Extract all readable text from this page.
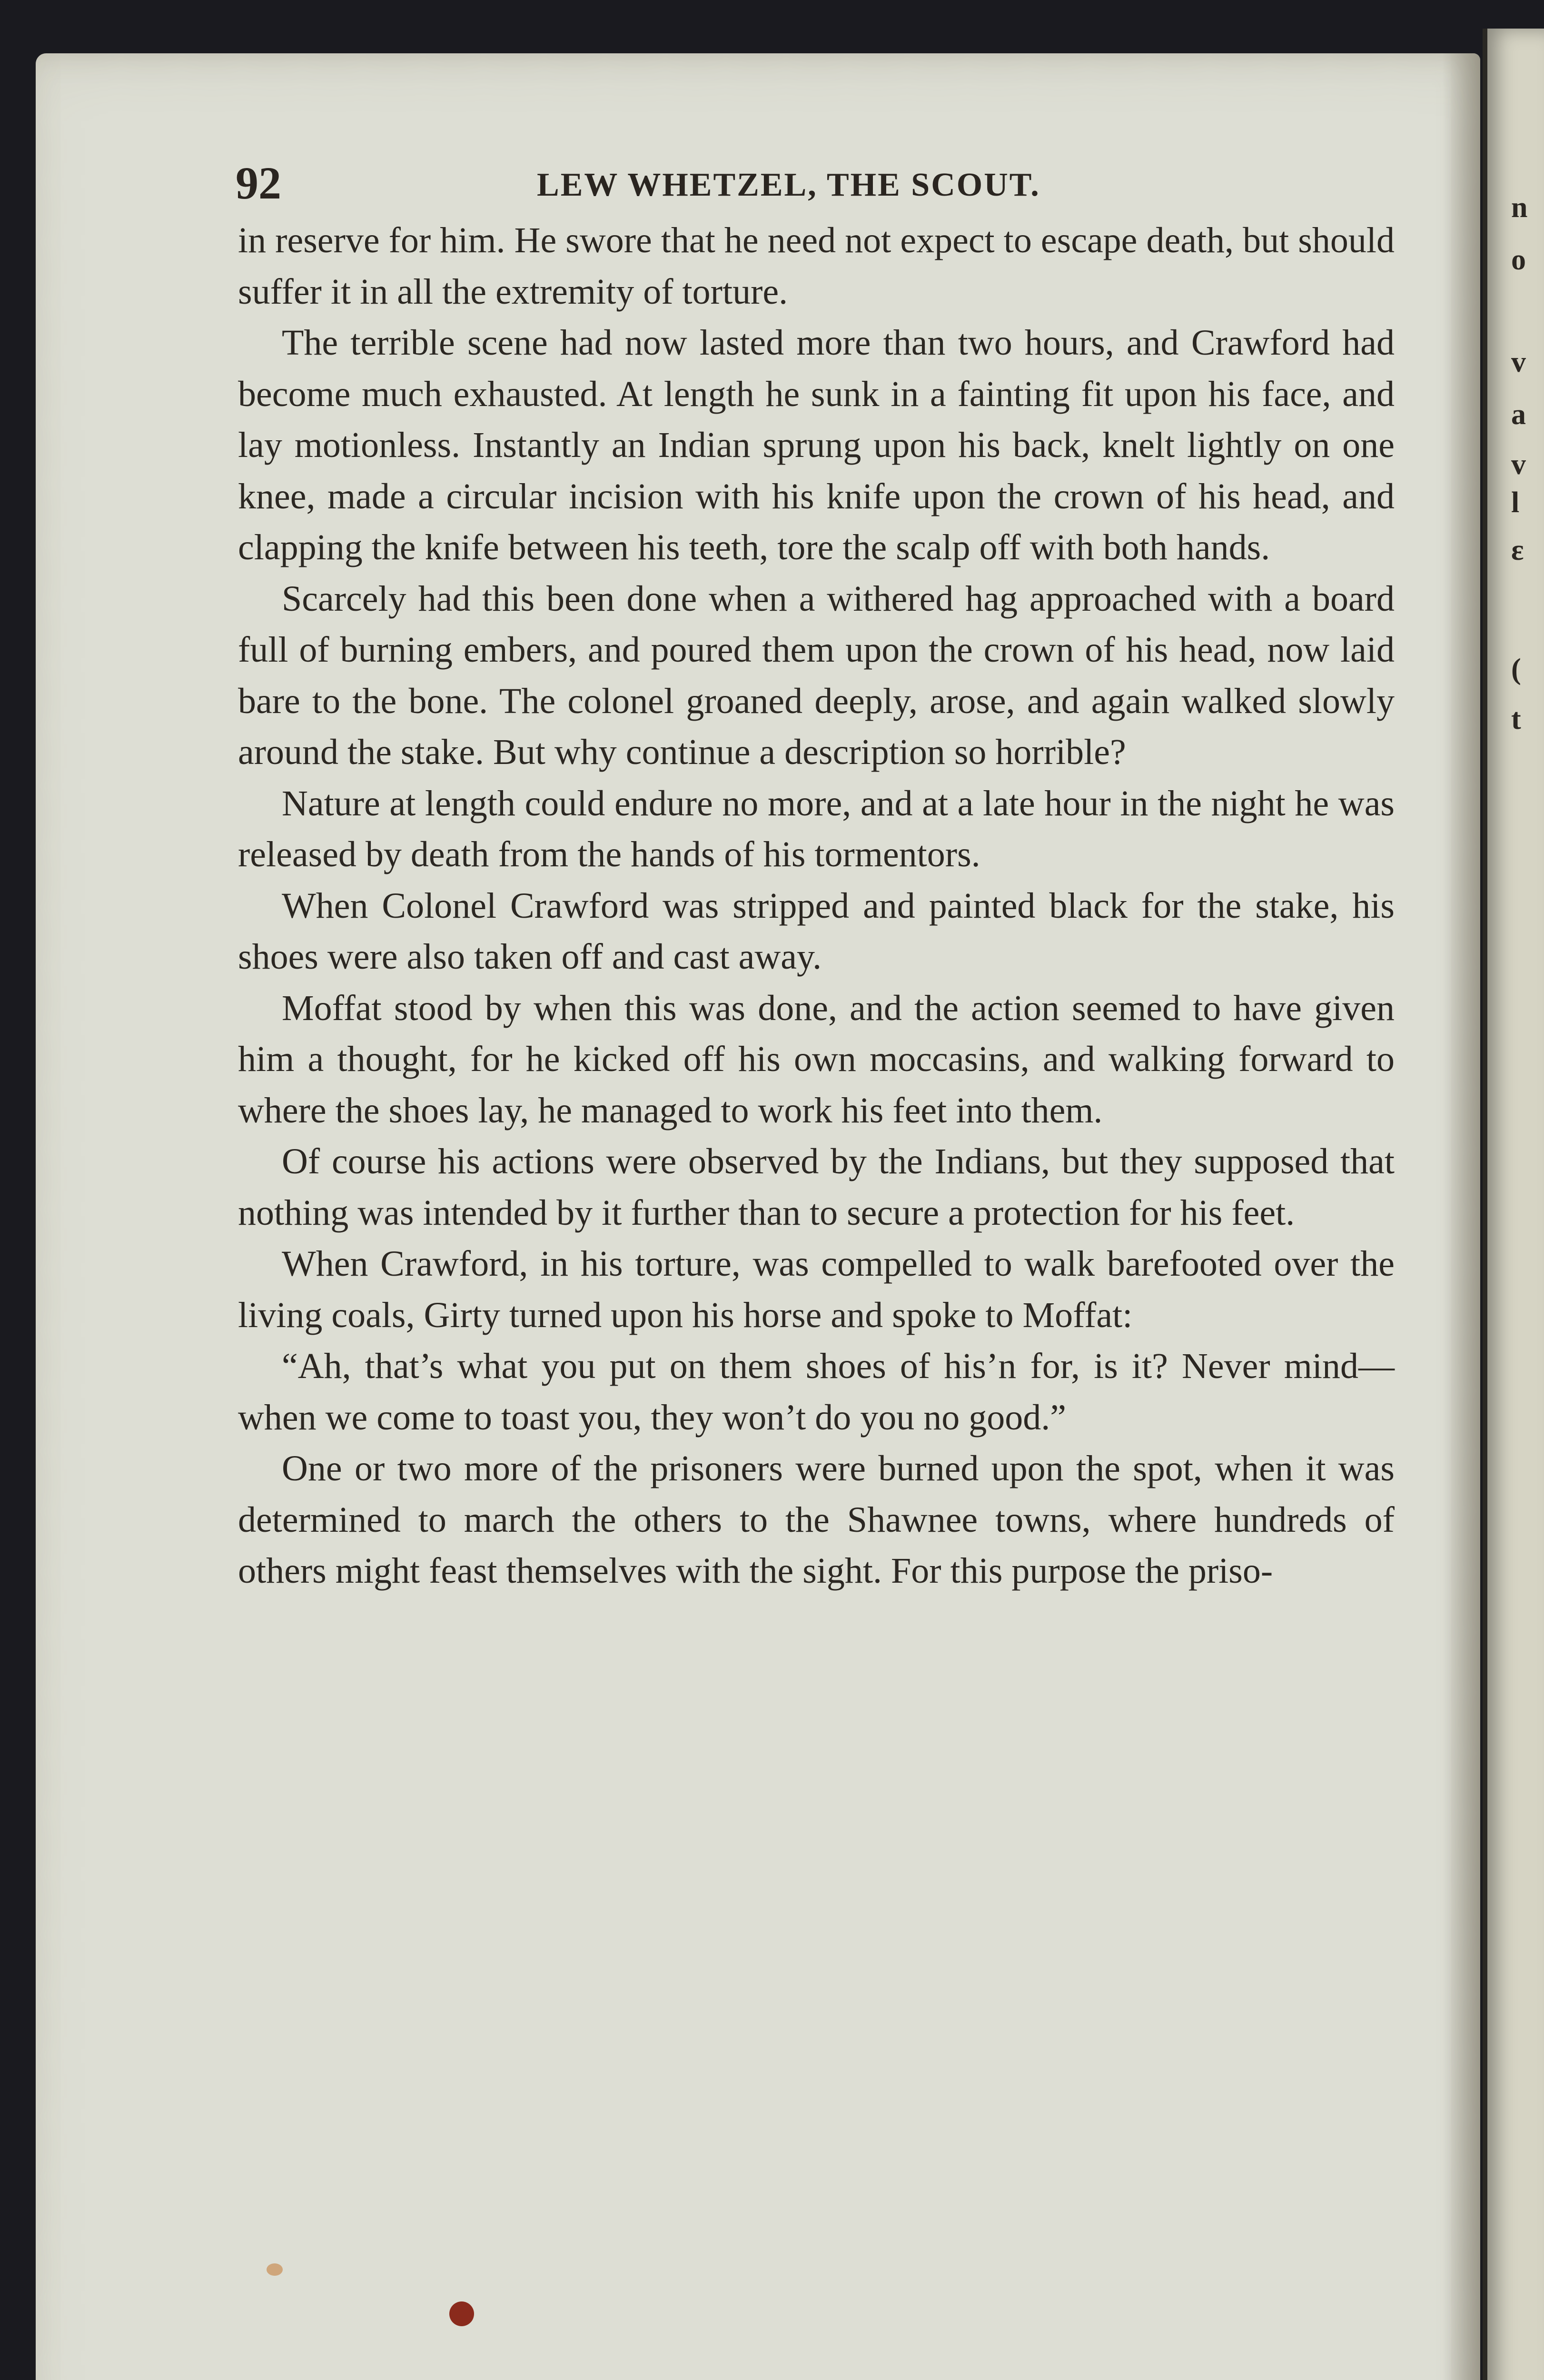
n
o
v
a
v
l
ε
(
t
92	LEW WHETZEL, THE SCOUT.

in reserve for him. He swore that he need not expect to escape death, but should suffer it in all the extremity of torture.

The terrible scene had now lasted more than two hours, and Crawford had become much exhausted. At length he sunk in a fainting fit upon his face, and lay motionless. Instantly an Indian sprung upon his back, knelt lightly on one knee, made a circular incision with his knife upon the crown of his head, and clapping the knife between his teeth, tore the scalp off with both hands.

Scarcely had this been done when a withered hag approached with a board full of burning embers, and poured them upon the crown of his head, now laid bare to the bone. The colonel groaned deeply, arose, and again walked slowly around the stake. But why continue a description so horrible?

Nature at length could endure no more, and at a late hour in the night he was released by death from the hands of his tormentors.

When Colonel Crawford was stripped and painted black for the stake, his shoes were also taken off and cast away.

Moffat stood by when this was done, and the action seemed to have given him a thought, for he kicked off his own moccasins, and walking forward to where the shoes lay, he managed to work his feet into them.

Of course his actions were observed by the Indians, but they supposed that nothing was intended by it further than to secure a protection for his feet.

When Crawford, in his torture, was compelled to walk barefooted over the living coals, Girty turned upon his horse and spoke to Moffat:

“Ah, that’s what you put on them shoes of his’n for, is it? Never mind—when we come to toast you, they won’t do you no good.”

One or two more of the prisoners were burned upon the spot, when it was determined to march the others to the Shawnee towns, where hundreds of others might feast themselves with the sight. For this purpose the priso-
